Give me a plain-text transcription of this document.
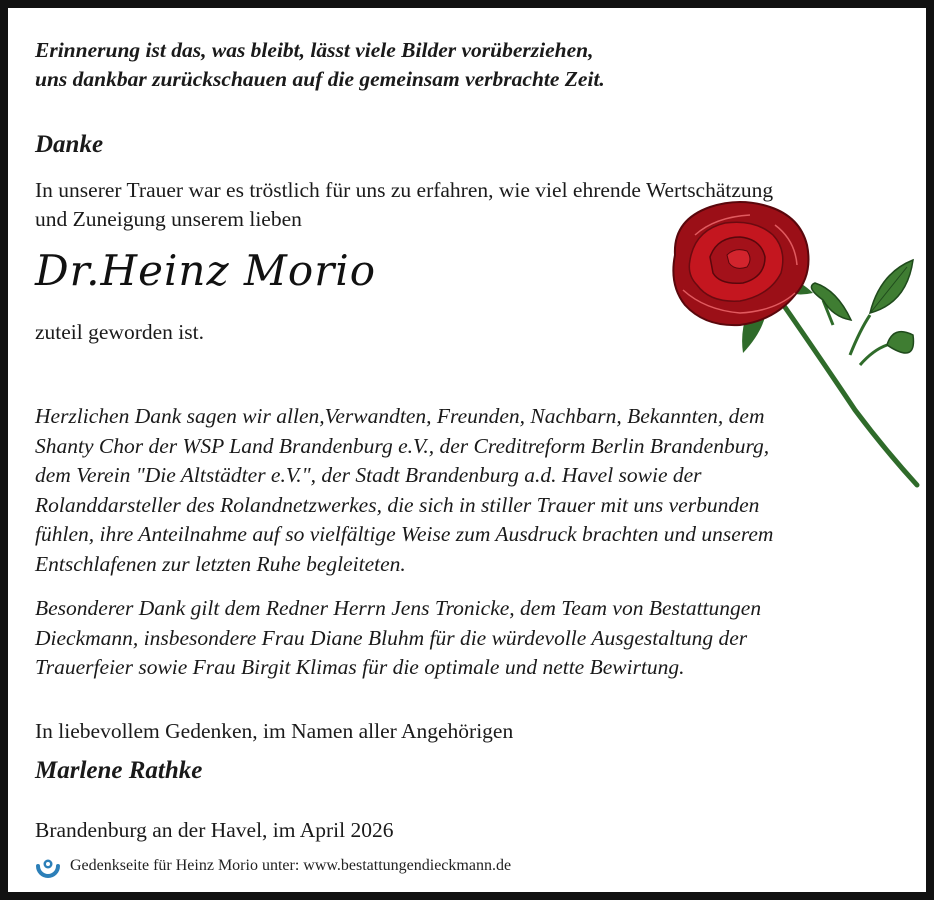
Erinnerung ist das, was bleibt, lässt viele Bilder vorüberziehen,
uns dankbar zurückschauen auf die gemeinsam verbrachte Zeit.
Danke
In unserer Trauer war es tröstlich für uns zu erfahren, wie viel ehrende Wertschätzung
und Zuneigung unserem lieben
Dr.Heinz Morio
zuteil geworden ist.
Herzlichen Dank sagen wir allen,Verwandten, Freunden, Nachbarn, Bekannten, dem
Shanty Chor der WSP Land Brandenburg e.V., der Creditreform Berlin Brandenburg,
dem Verein "Die Altstädter e.V.", der Stadt Brandenburg a.d. Havel sowie der
Rolanddarsteller des Rolandnetzwerkes, die sich in stiller Trauer mit uns verbunden
fühlen, ihre Anteilnahme auf so vielfältige Weise zum Ausdruck brachten und unserem
Entschlafenen zur letzten Ruhe begleiteten.
Besonderer Dank gilt dem Redner Herrn Jens Tronicke, dem Team von Bestattungen
Dieckmann, insbesondere Frau Diane Bluhm für die würdevolle Ausgestaltung der
Trauerfeier sowie Frau Birgit Klimas für die optimale und nette Bewirtung.
In liebevollem Gedenken, im Namen aller Angehörigen
Marlene Rathke
Brandenburg an der Havel, im April 2026
Gedenkseite für Heinz Morio unter: www.bestattungendieckmann.de
